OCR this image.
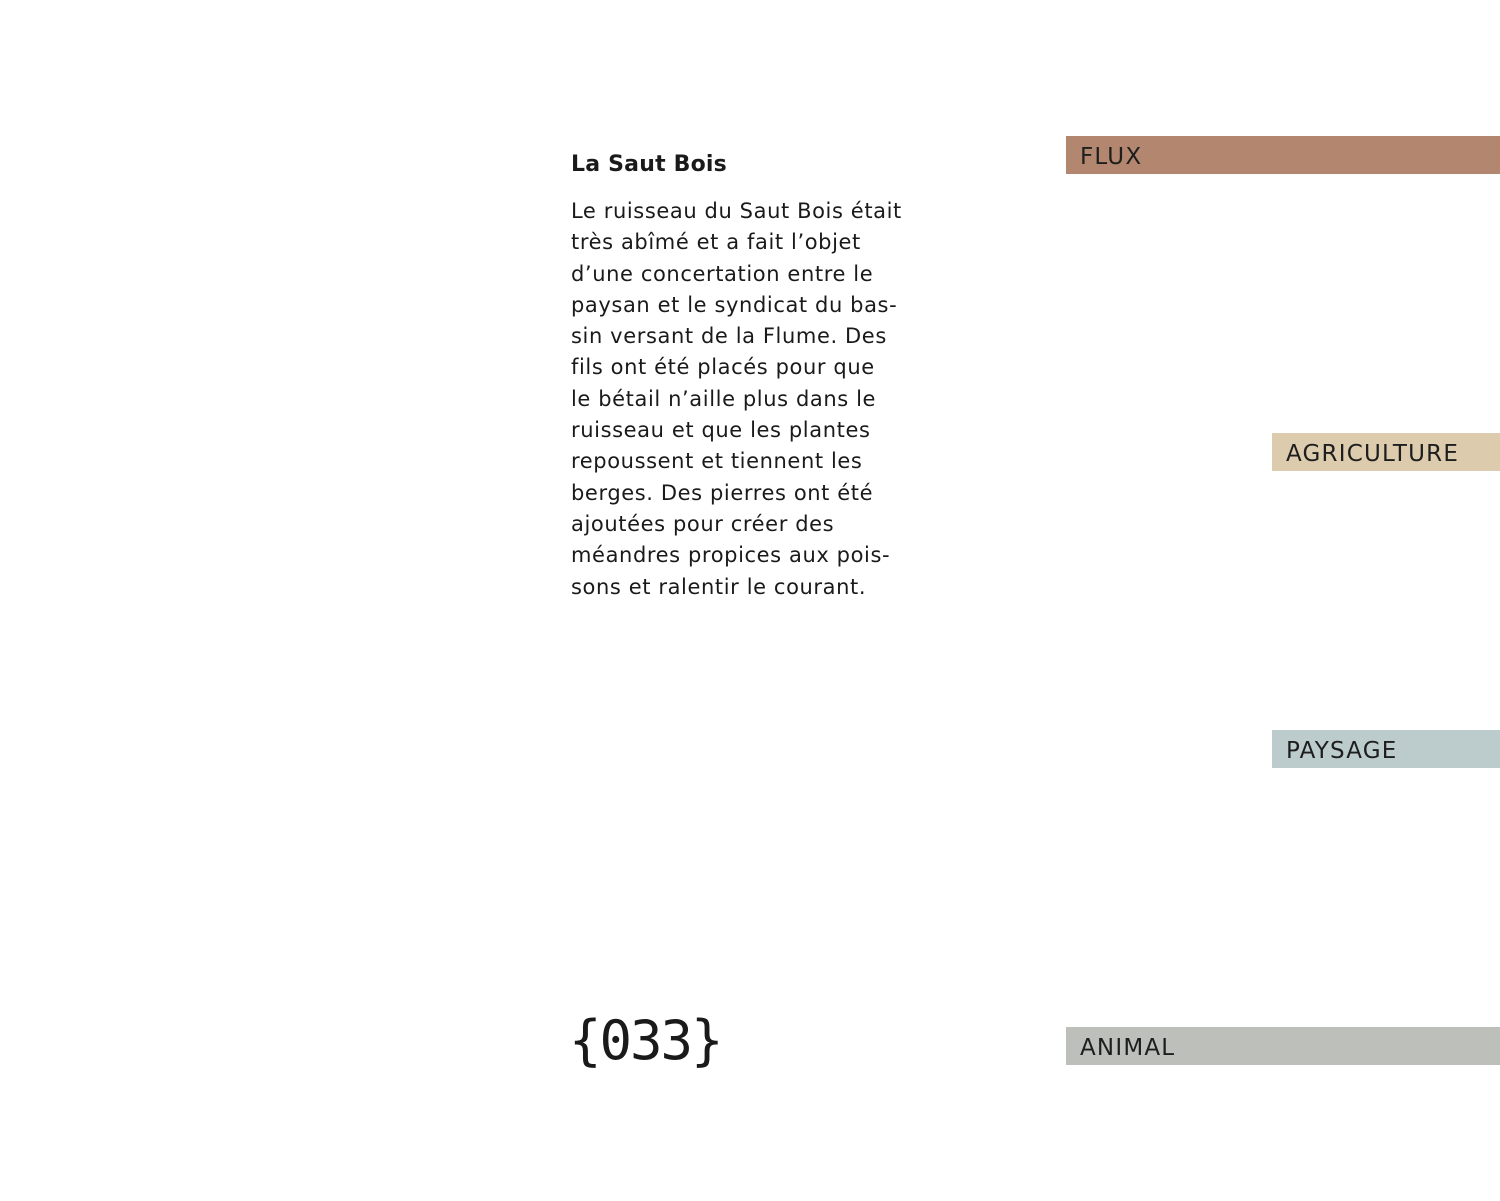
La Saut Bois

Le ruisseau du Saut Bois était
très abîmé et a fait l’objet
d’une concertation entre le
paysan et le syndicat du bas-
sin versant de la Flume. Des
fils ont été placés pour que
le bétail n’aille plus dans le
ruisseau et que les plantes
repoussent et tiennent les
berges. Des pierres ont été
ajoutées pour créer des
méandres propices aux pois-
sons et ralentir le courant.

{033}
FLUX
AGRICULTURE
PAYSAGE
ANIMAL
